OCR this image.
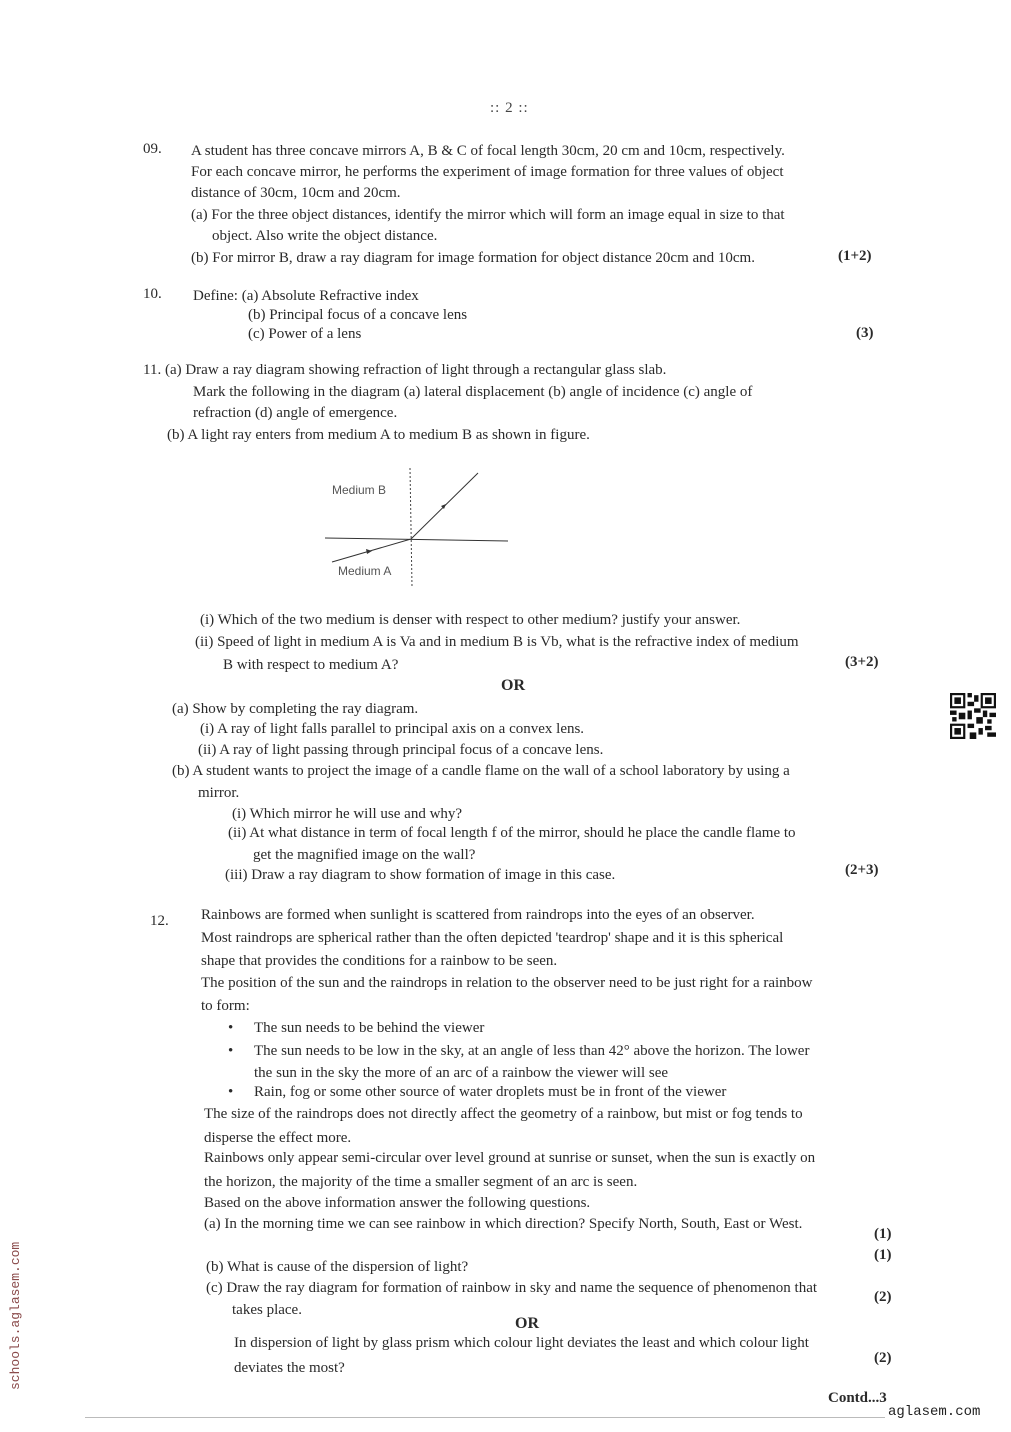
:: 2 ::
09. A student has three concave mirrors A, B & C of focal length 30cm, 20 cm and 10cm, respectively.
For each concave mirror, he performs the experiment of image formation for three values of object
distance of 30cm, 10cm and 20cm.
(a) For the three object distances, identify the mirror which will form an image equal in size to that
object. Also write the object distance.
(b) For mirror B, draw a ray diagram for image formation for object distance 20cm and 10cm.	(1+2)
10. Define: (a) Absolute Refractive index
(b) Principal focus of a concave lens
(c) Power of a lens	(3)
11. (a) Draw a ray diagram showing refraction of light through a rectangular glass slab.
Mark the following in the diagram (a) lateral displacement (b) angle of incidence (c) angle of
refraction (d) angle of emergence.
(b) A light ray enters from medium A to medium B as shown in figure.
Medium B
Medium A
(i) Which of the two medium is denser with respect to other medium? justify your answer.
(ii) Speed of light in medium A is Va and in medium B is Vb, what is the refractive index of medium
B with respect to medium A?	(3+2)
OR
(a) Show by completing the ray diagram.
(i) A ray of light falls parallel to principal axis on a convex lens.
(ii) A ray of light passing through principal focus of a concave lens.
(b) A student wants to project the image of a candle flame on the wall of a school laboratory by using a
mirror.
(i) Which mirror he will use and why?
(ii) At what distance in term of focal length f of the mirror, should he place the candle flame to
get the magnified image on the wall?
(iii) Draw a ray diagram to show formation of image in this case.	(2+3)
12. Rainbows are formed when sunlight is scattered from raindrops into the eyes of an observer.
Most raindrops are spherical rather than the often depicted 'teardrop' shape and it is this spherical
shape that provides the conditions for a rainbow to be seen.
The position of the sun and the raindrops in relation to the observer need to be just right for a rainbow
to form:
• The sun needs to be behind the viewer
• The sun needs to be low in the sky, at an angle of less than 42° above the horizon. The lower
the sun in the sky the more of an arc of a rainbow the viewer will see
• Rain, fog or some other source of water droplets must be in front of the viewer
The size of the raindrops does not directly affect the geometry of a rainbow, but mist or fog tends to
disperse the effect more.
Rainbows only appear semi-circular over level ground at sunrise or sunset, when the sun is exactly on
the horizon, the majority of the time a smaller segment of an arc is seen.
Based on the above information answer the following questions.
(a) In the morning time we can see rainbow in which direction? Specify North, South, East or West.
(1)
(1)
(b) What is cause of the dispersion of light?
(c) Draw the ray diagram for formation of rainbow in sky and name the sequence of phenomenon that
takes place.
(2)
OR
In dispersion of light by glass prism which colour light deviates the least and which colour light
deviates the most?
(2)
Contd...3
aglasem.com
schools.aglasem.com
